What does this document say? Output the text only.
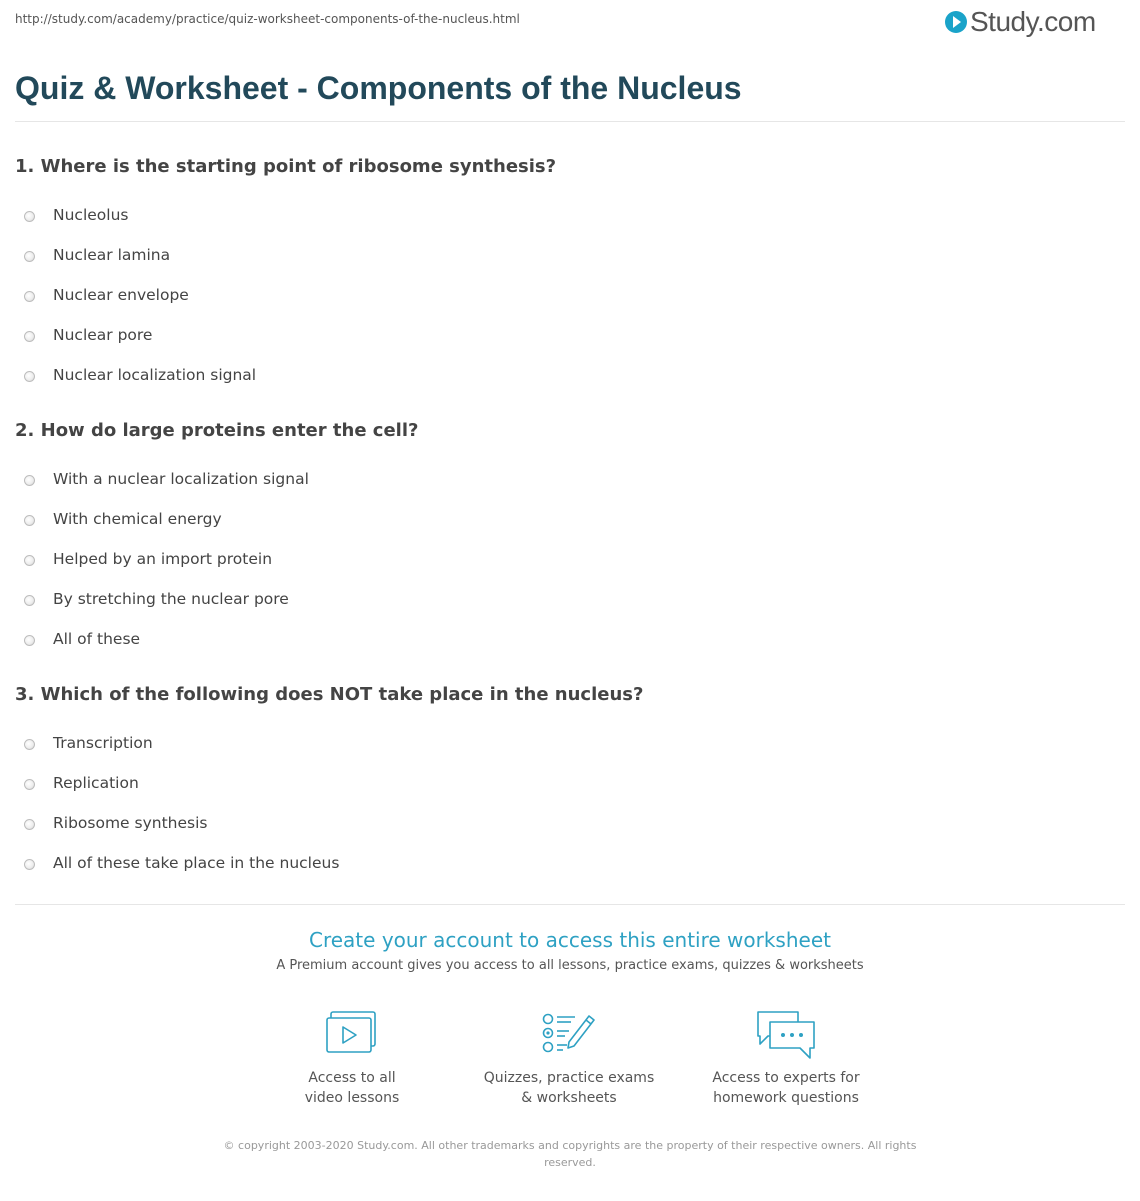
http://study.com/academy/practice/quiz-worksheet-components-of-the-nucleus.html	Study.com
Quiz & Worksheet - Components of the Nucleus
1. Where is the starting point of ribosome synthesis?
Nucleolus
Nuclear lamina
Nuclear envelope
Nuclear pore
Nuclear localization signal
2. How do large proteins enter the cell?
With a nuclear localization signal
With chemical energy
Helped by an import protein
By stretching the nuclear pore
All of these
3. Which of the following does NOT take place in the nucleus?
Transcription
Replication
Ribosome synthesis
All of these take place in the nucleus
Create your account to access this entire worksheet
A Premium account gives you access to all lessons, practice exams, quizzes & worksheets
Access to all
video lessons
Quizzes, practice exams
& worksheets
Access to experts for
homework questions
© copyright 2003-2020 Study.com. All other trademarks and copyrights are the property of their respective owners. All rights
reserved.
